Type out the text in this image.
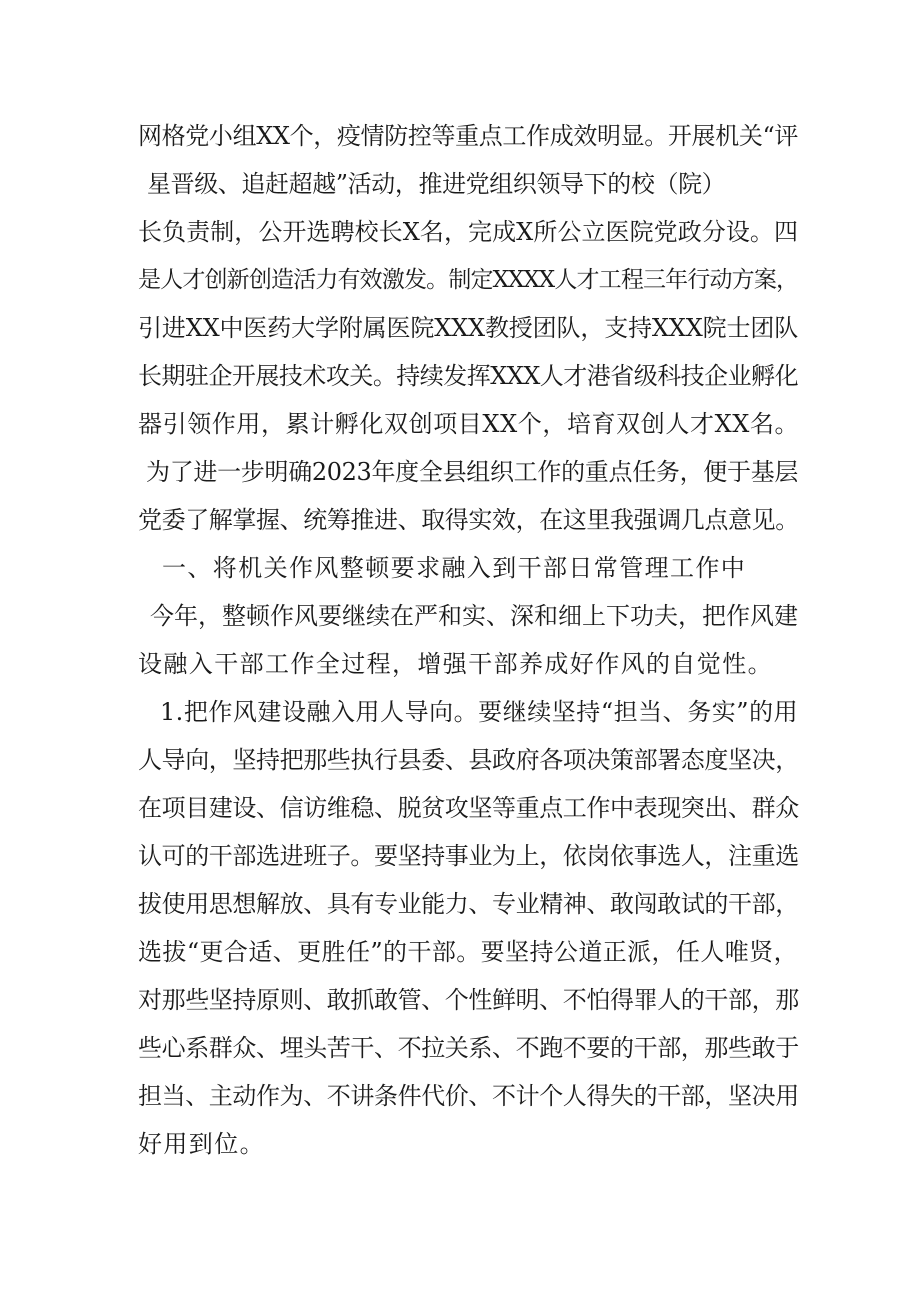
网格党小组XX个，疫情防控等重点工作成效明显。开展机关“评
星晋级、追赶超越”活动，推进党组织领导下的校（院）
长负责制，公开选聘校长X名，完成X所公立医院党政分设。四
是人才创新创造活力有效激发。制定XXXX人才工程三年行动方案，
引进XX中医药大学附属医院XXX教授团队，支持XXX院士团队
长期驻企开展技术攻关。持续发挥XXX人才港省级科技企业孵化
器引领作用，累计孵化双创项目XX个，培育双创人才XX名。
为了进一步明确2023年度全县组织工作的重点任务，便于基层
党委了解掌握、统筹推进、取得实效，在这里我强调几点意见。
一、将机关作风整顿要求融入到干部日常管理工作中
今年，整顿作风要继续在严和实、深和细上下功夫，把作风建
设融入干部工作全过程，增强干部养成好作风的自觉性。
1.把作风建设融入用人导向。要继续坚持“担当、务实”的用
人导向，坚持把那些执行县委、县政府各项决策部署态度坚决，
在项目建设、信访维稳、脱贫攻坚等重点工作中表现突出、群众
认可的干部选进班子。要坚持事业为上，依岗依事选人，注重选
拔使用思想解放、具有专业能力、专业精神、敢闯敢试的干部，
选拔“更合适、更胜任”的干部。要坚持公道正派，任人唯贤，
对那些坚持原则、敢抓敢管、个性鲜明、不怕得罪人的干部，那
些心系群众、埋头苦干、不拉关系、不跑不要的干部，那些敢于
担当、主动作为、不讲条件代价、不计个人得失的干部，坚决用
好用到位。
